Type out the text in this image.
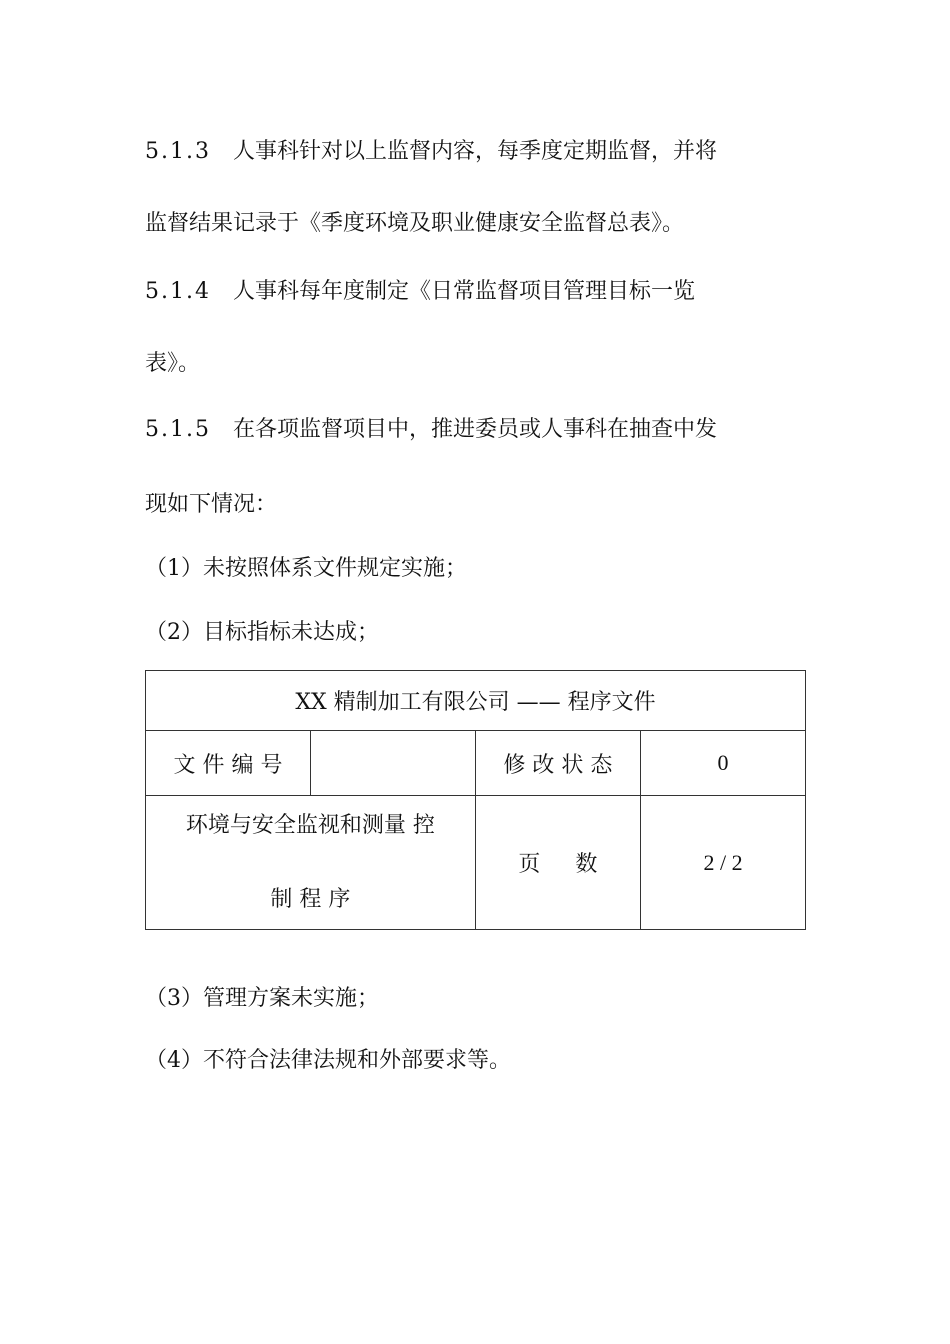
5.1.3 人事科针对以上监督内容，每季度定期监督，并将
监督结果记录于《季度环境及职业健康安全监督总表》。
5.1.4 人事科每年度制定《日常监督项目管理目标一览
表》。
5.1.5 在各项监督项目中，推进委员或人事科在抽查中发
现如下情况：
（1）未按照体系文件规定实施；
（2）目标指标未达成；
XX 精制加工有限公司 —— 程序文件			
文 件 编 号		修 改 状 态	0

环境与安全监视和测量 控
制 程 序		页     数	2 / 2
（3）管理方案未实施；
（4）不符合法律法规和外部要求等。
